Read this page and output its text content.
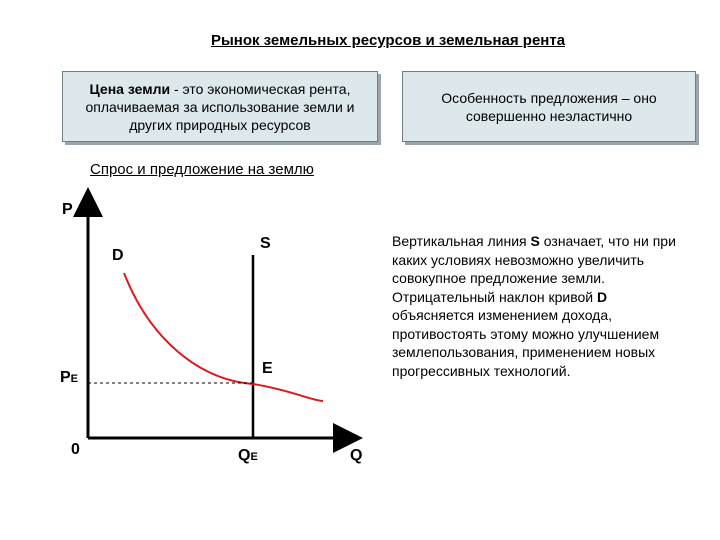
Рынок земельных ресурсов и земельная рента
Цена земли - это экономическая рента, оплачиваемая за использование земли и других природных ресурсов
Особенность предложения – оно совершенно неэластично
Спрос и предложение на землю
P
D
S
E
PE
0	QE	Q
Вертикальная линия S означает, что ни при каких условиях невозможно увеличить совокупное предложение земли.
Отрицательный наклон кривой D объясняется изменением дохода, противостоять этому можно улучшением землепользования, применением новых прогрессивных технологий.
